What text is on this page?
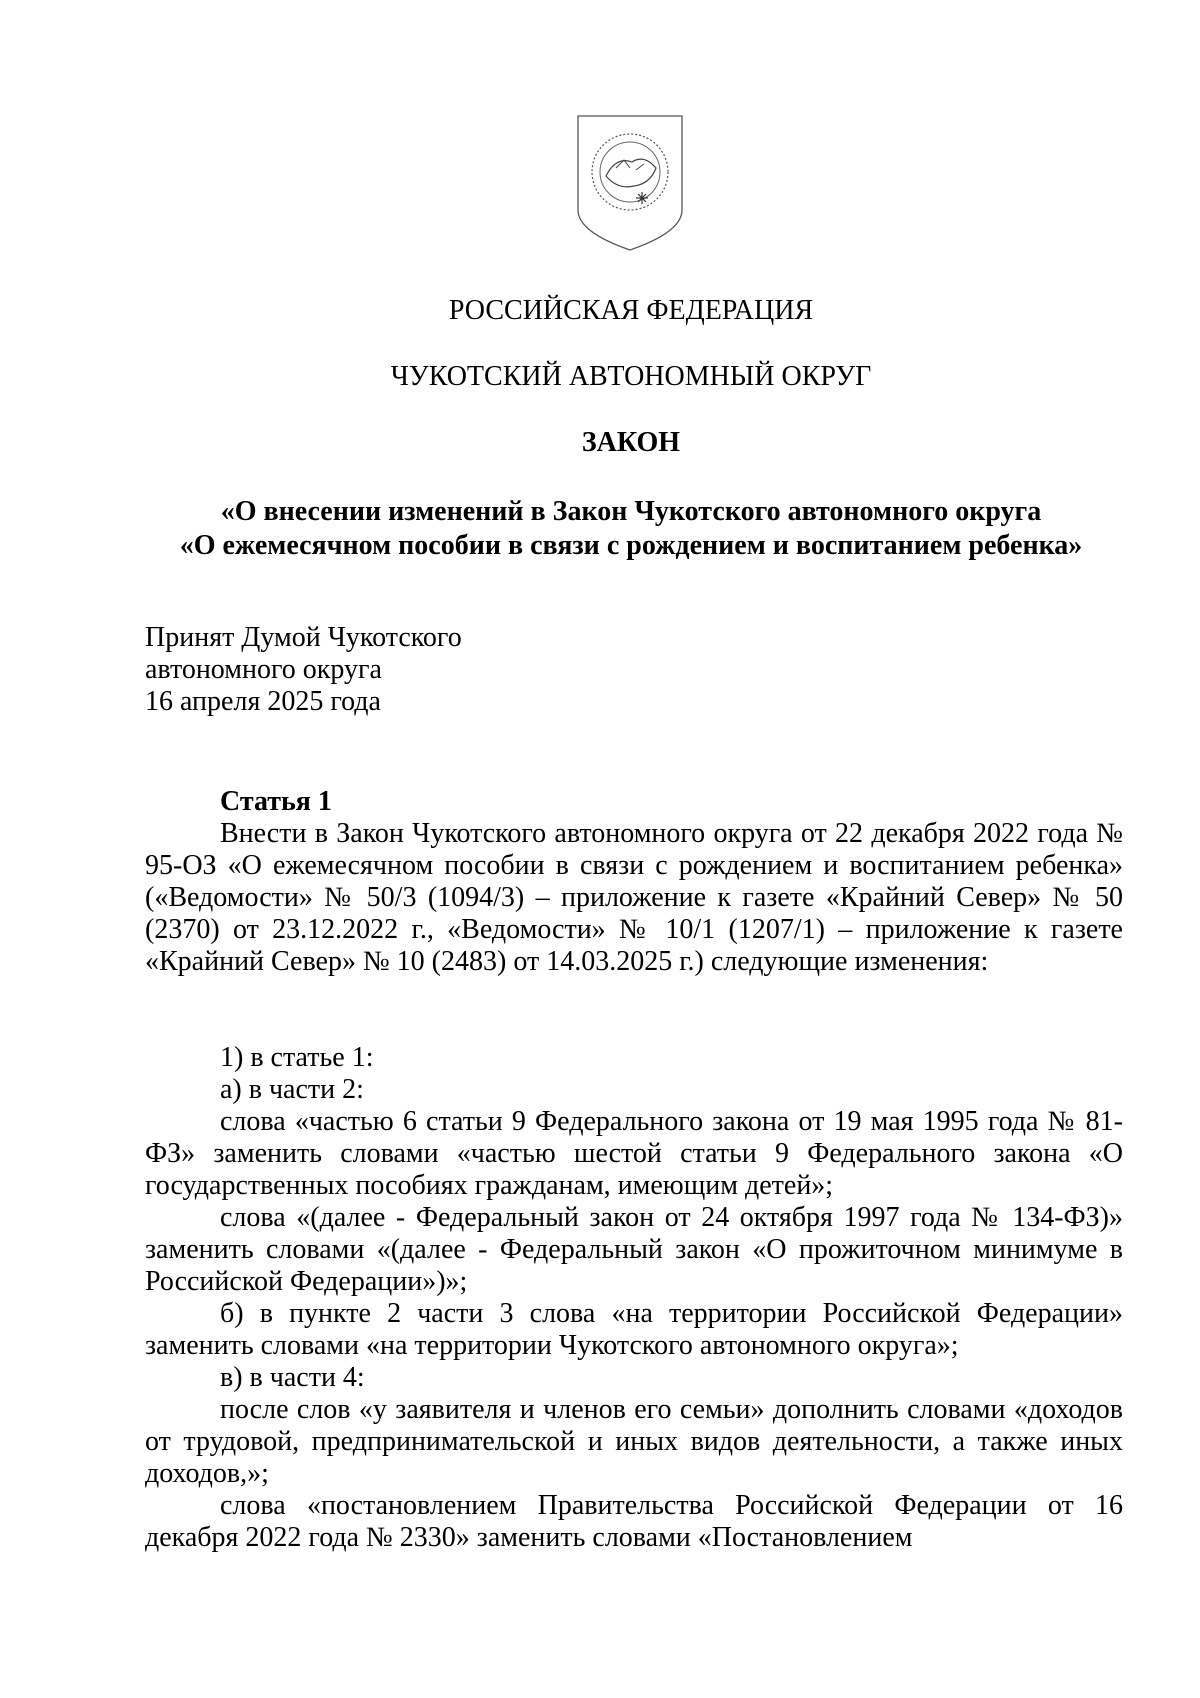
РОССИЙСКАЯ ФЕДЕРАЦИЯ
ЧУКОТСКИЙ АВТОНОМНЫЙ ОКРУГ
ЗАКОН
«О внесении изменений в Закон Чукотского автономного округа
«О ежемесячном пособии в связи с рождением и воспитанием ребенка»
Принят Думой Чукотского
автономного округа
16 апреля 2025 года

Статья 1

Внести в Закон Чукотского автономного округа от 22 декабря 2022 года № 95-ОЗ «О ежемесячном пособии в связи с рождением и воспитанием ребенка» («Ведомости» № 50/3 (1094/3) – приложение к газете «Крайний Север» № 50 (2370) от 23.12.2022 г., «Ведомости» № 10/1 (1207/1) – приложение к газете «Крайний Север» № 10 (2483) от 14.03.2025 г.) следующие изменения:

1) в статье 1:

а) в части 2:

слова «частью 6 статьи 9 Федерального закона от 19 мая 1995 года № 81-ФЗ» заменить словами «частью шестой статьи 9 Федерального закона «О государственных пособиях гражданам, имеющим детей»;

слова «(далее - Федеральный закон от 24 октября 1997 года № 134-ФЗ)» заменить словами «(далее - Федеральный закон «О прожиточном минимуме в Российской Федерации»)»;

б) в пункте 2 части 3 слова «на территории Российской Федерации» заменить словами «на территории Чукотского автономного округа»;

в) в части 4:

после слов «у заявителя и членов его семьи» дополнить словами «доходов от трудовой, предпринимательской и иных видов деятельности, а также иных доходов,»;

слова «постановлением Правительства Российской Федерации от 16 декабря 2022 года № 2330» заменить словами «Постановлением
